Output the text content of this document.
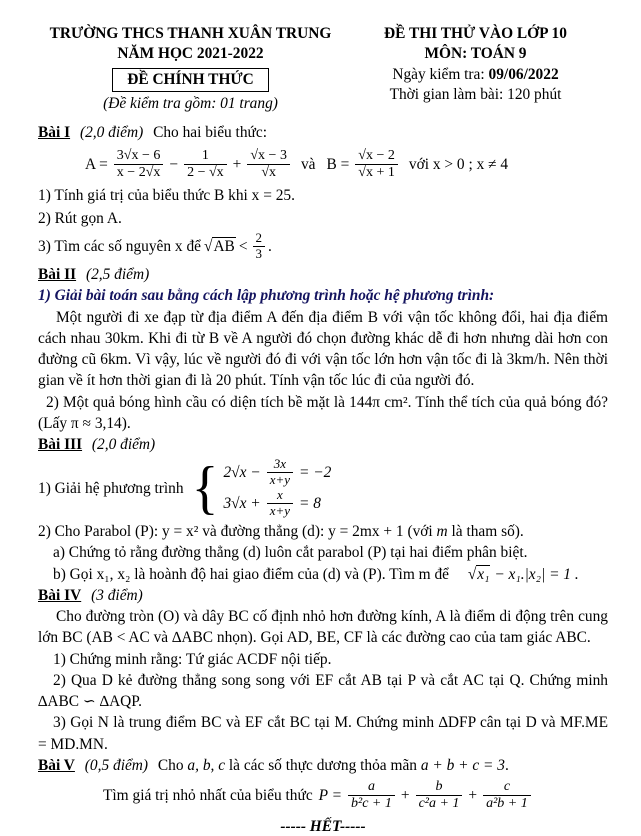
TRƯỜNG THCS THANH XUÂN TRUNG
NĂM HỌC 2021-2022
ĐỀ CHÍNH THỨC
(Đề kiểm tra gồm: 01 trang)
ĐỀ THI THỬ VÀO LỚP 10
MÔN: TOÁN 9
Ngày kiểm tra: 09/06/2022
Thời gian làm bài: 120 phút
Bài I (2,0 điểm) Cho hai biểu thức:
$A = \frac{3√x - 6}{x - 2√x} - \frac{1}{2 - √x} + \frac{√x - 3}{√x}$ và $B = \frac{√x - 2}{√x + 1}$ với x > 0 ; x ≠ 4
1) Tính giá trị của biểu thức B khi x = 25.
2) Rút gọn A.
3) Tìm các số nguyên x để $√AB < \frac{2}{3}$ .
Bài II (2,5 điểm)
1) Giải bài toán sau bằng cách lập phương trình hoặc hệ phương trình:

Một người đi xe đạp từ địa điểm A đến địa điểm B với vận tốc không đổi, hai địa điểm cách nhau 30km. Khi đi từ B về A người đó chọn đường khác dễ đi hơn nhưng dài hơn con đường cũ 6km. Vì vậy, lúc về người đó đi với vận tốc lớn hơn vận tốc đi là 3km/h. Nên thời gian về ít hơn thời gian đi là 20 phút. Tính vận tốc lúc đi của người đó.

2) Một quả bóng hình cầu có diện tích bề mặt là 144π cm². Tính thể tích của quả bóng đó? (Lấy π ≈ 3,14).

Bài III (2,0 điểm)
1) Giải hệ phương trình { $2√x - \frac{3x}{x+y} = -2$
$3√x + \frac{x}{x+y} = 8$
2) Cho Parabol (P): y = x² và đường thẳng (d): y = 2mx + 1 (với m là tham số).
a) Chứng tỏ rằng đường thẳng (d) luôn cắt parabol (P) tại hai điểm phân biệt.
b) Gọi x₁, x₂ là hoành độ hai giao điểm của (d) và (P). Tìm m để √x₁ − x₁.|x₂| = 1 .
Bài IV (3 điểm)

Cho đường tròn (O) và dây BC cố định nhỏ hơn đường kính, A là điểm di động trên cung lớn BC (AB < AC và ∆ABC nhọn). Gọi AD, BE, CF là các đường cao của tam giác ABC.

1) Chứng minh rằng: Tứ giác ACDF nội tiếp.

2) Qua D kẻ đường thẳng song song với EF cắt AB tại P và cắt AC tại Q. Chứng minh ∆ABC ∽ ∆AQP.

3) Gọi N là trung điểm BC và EF cắt BC tại M. Chứng minh ∆DFP cân tại D và MF.ME = MD.MN.

Bài V (0,5 điểm) Cho a, b, c là các số thực dương thỏa mãn a + b + c = 3.
Tìm giá trị nhỏ nhất của biểu thức $P = \frac{a}{\text{b²c + 1}} + \frac{b}{\text{c²a + 1}} + \frac{c}{\text{a²b + 1}}$
----- HẾT-----
